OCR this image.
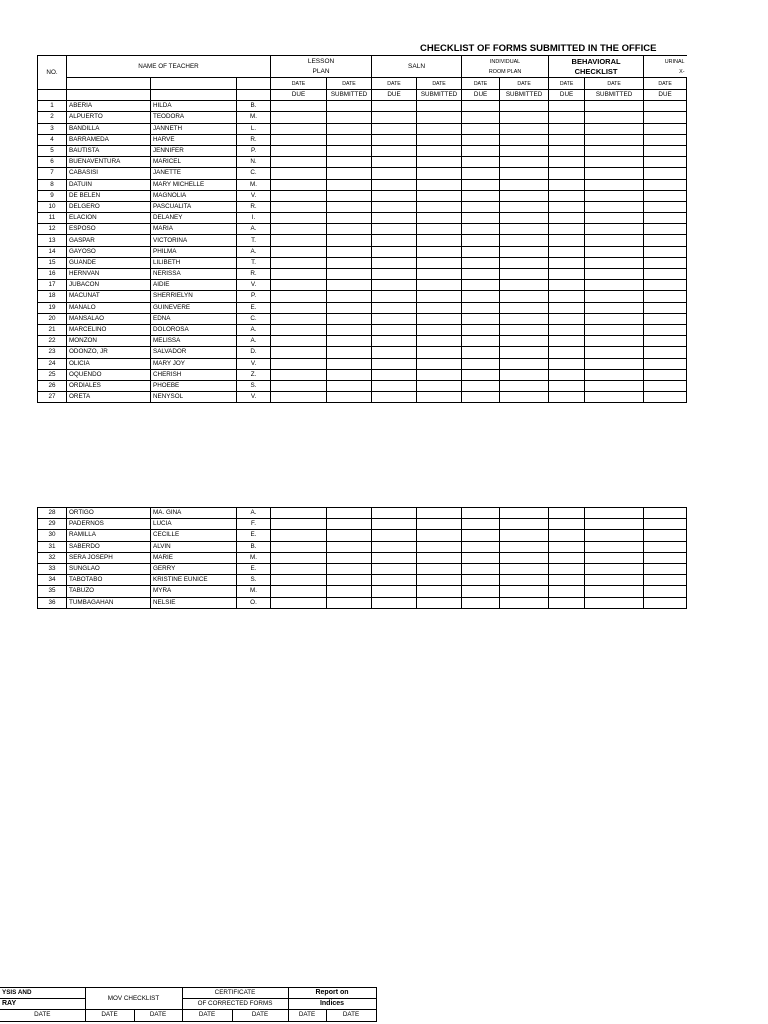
CHECKLIST OF FORMS SUBMITTED IN THE OFFICE
NO.	NAME OF TEACHER			LESSON
PLAN		SALN		INDIVIDUAL
ROOM PLAN		BEHAVIORAL
CHECKLIST		URINAL
X-
				DATE	DATE	DATE	DATE	DATE	DATE	DATE	DATE	DATE
				DUE	SUBMITTED	DUE	SUBMITTED	DUE	SUBMITTED	DUE	SUBMITTED	DUE
1	ABERIA	HILDA	B.									
2	ALPUERTO	TEODORA	M.									
3	BANDILLA	JANNETH	L.									
4	BARRAMEDA	HARVE	R.									
5	BAUTISTA	JENNIFER	P.									
6	BUENAVENTURA	MARICEL	N.									
7	CABASISI	JANETTE	C.									
8	DATUIN	MARY MICHELLE	M.									
9	DE BELEN	MAGNOLIA	V.									
10	DELGERO	PASCUALITA	R.									
11	ELACION	DELANEY	I.									
12	ESPOSO	MARIA	A.									
13	GASPAR	VICTORINA	T.									
14	GAYOSO	PHILMA	A.									
15	GUANDE	LILIBETH	T.									
16	HERNVAN	NERISSA	R.									
17	JUBACON	AIDIE	V.									
18	MACUNAT	SHERRIELYN	P.									
19	MANALO	GUINEVERE	E.									
20	MANSALAO	EDNA	C.									
21	MARCELINO	DOLOROSA	A.									
22	MONZON	MELISSA	A.									
23	ODONZO, JR	SALVADOR	D.									
24	OLICIA	MARY JOY	V.									
25	OQUENDO	CHERISH	Z.									
26	ORDIALES	PHOEBE	S.									
27	ORETA	NENYSOL	V.									
28	ORTIGO	MA. GINA	A.									
29	PADERNOS	LUCIA	F.									
30	RAMILLA	CECILLE	E.									
31	SABERDO	ALVIN	B.									
32	SERA JOSEPH	MARIE	M.									
33	SUNGLAO	GERRY	E.									
34	TABOTABO	KRISTINE EUNICE	S.									
35	TABUZO	MYRA	M.									
36	TUMBAGAHAN	NELSIE	O.									
YSIS AND	MOV CHECKLIST		CERTIFICATE		Report on	
RAY			OF CORRECTED FORMS		Indices	
DATE	DATE	DATE	DATE	DATE	DATE	DATE
